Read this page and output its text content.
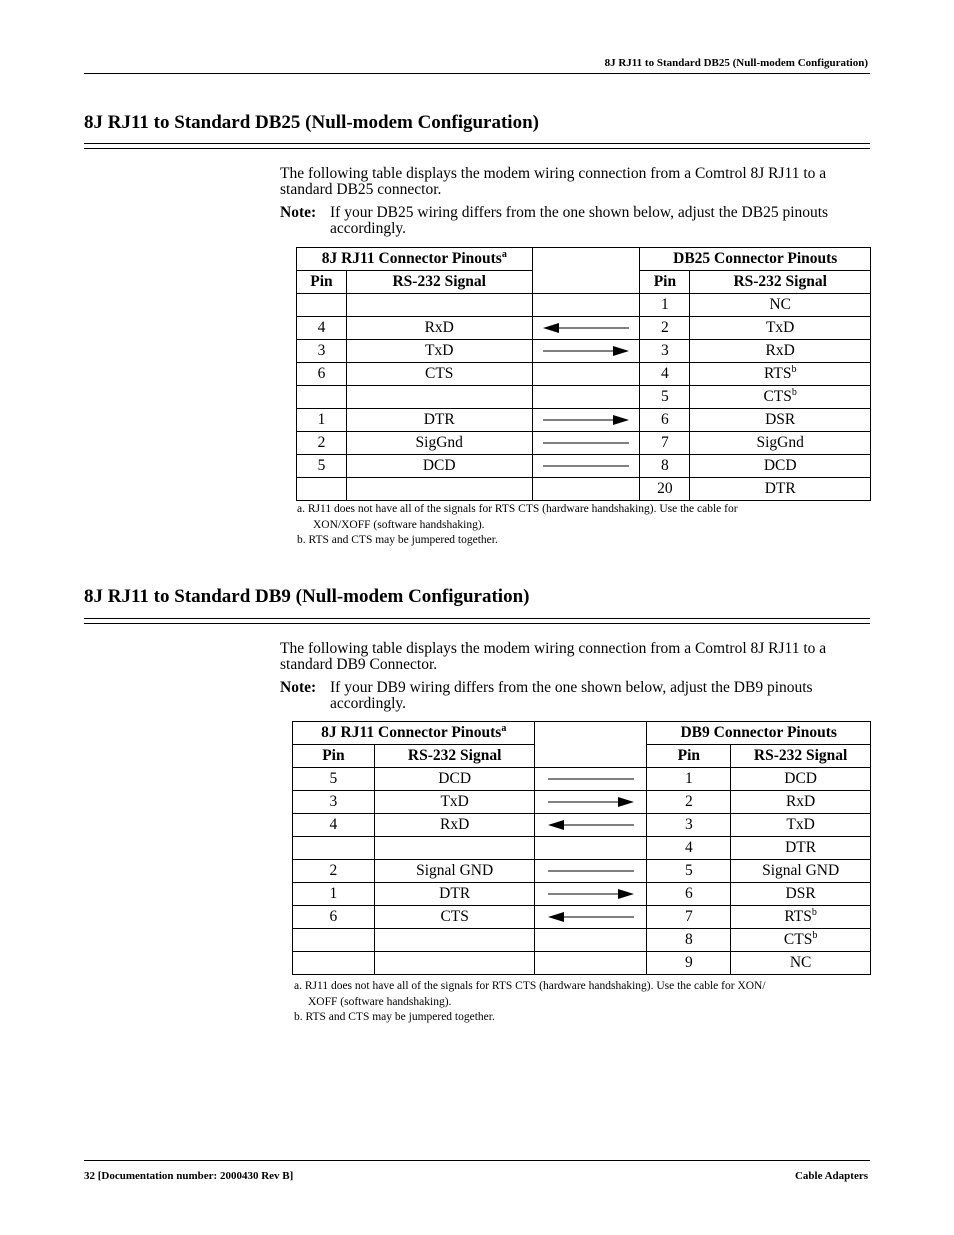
8J RJ11 to Standard DB25 (Null-modem Configuration)
8J RJ11 to Standard DB25 (Null-modem Configuration)

The following table displays the modem wiring connection from a Comtrol 8J RJ11 to a standard DB25 connector.

Note: If your DB25 wiring differs from the one shown below, adjust the DB25 pinouts accordingly.
8J RJ11 Connector Pinouts$^a$			DB25 Connector Pinouts	
Pin	RS-232 Signal		Pin	RS-232 Signal
			1	NC
4	RxD		2	TxD
3	TxD		3	RxD
6	CTS		4	RTS$^b$
			5	CTS$^b$
1	DTR		6	DSR
2	SigGnd		7	SigGnd
5	DCD		8	DCD
			20	DTR
a. RJ11 does not have all of the signals for RTS CTS (hardware handshaking). Use the cable for
XON/XOFF (software handshaking).
b. RTS and CTS may be jumpered together.
8J RJ11 to Standard DB9 (Null-modem Configuration)

The following table displays the modem wiring connection from a Comtrol 8J RJ11 to a standard DB9 Connector.

Note: If your DB9 wiring differs from the one shown below, adjust the DB9 pinouts accordingly.
8J RJ11 Connector Pinouts$^a$			DB9 Connector Pinouts	
Pin	RS-232 Signal		Pin	RS-232 Signal
5	DCD		1	DCD
3	TxD		2	RxD
4	RxD		3	TxD
			4	DTR
2	Signal GND		5	Signal GND
1	DTR		6	DSR
6	CTS		7	RTS$^b$
			8	CTS$^b$
			9	NC
a. RJ11 does not have all of the signals for RTS CTS (hardware handshaking). Use the cable for XON/
XOFF (software handshaking).
b. RTS and CTS may be jumpered together.
32 [Documentation number: 2000430 Rev B]	Cable Adapters
